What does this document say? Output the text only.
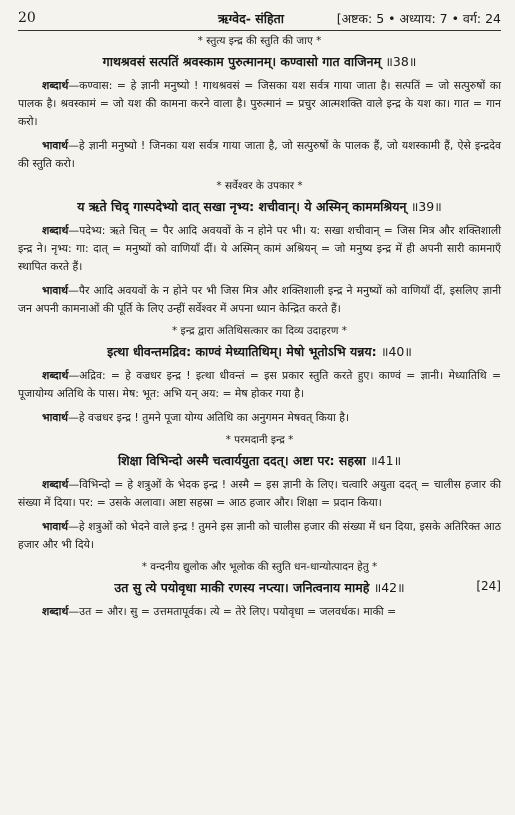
20	ऋग्वेद- संहिता	[अष्टक: 5 • अध्याय: 7 • वर्ग: 24
* स्तुत्य इन्द्र की स्तुति की जाए *
गाथश्रवसं सत्पतिं श्रवस्काम पुरुत्मानम्। कण्वासो गात वाजिनम् ॥38॥

शब्दार्थ—कण्वास: = हे ज्ञानी मनुष्यो ! गाथश्रवसं = जिसका यश सर्वत्र गाया जाता है। सत्पतिं = जो सत्पुरुषों का पालक है। श्रवस्कामं = जो यश की कामना करने वाला है। पुरुत्मानं = प्रचुर आत्मशक्ति वाले इन्द्र के यश का। गात = गान करो।

भावार्थ—हे ज्ञानी मनुष्यो ! जिनका यश सर्वत्र गाया जाता है, जो सत्पुरुषों के पालक हैं, जो यशस्कामी हैं, ऐसे इन्द्रदेव की स्तुति करो।

* सर्वेश्वर के उपकार *
य ऋते चिद् गास्पदेभ्यो दात् सखा नृभ्य: शचीवान्। ये अस्मिन् काममश्रियन् ॥39॥

शब्दार्थ—पदेभ्य: ऋते चित् = पैर आदि अवयवों के न होने पर भी। य: सखा शचीवान् = जिस मित्र और शक्तिशाली इन्द्र ने। नृभ्य: गा: दात् = मनुष्यों को वाणियाँ दीं। ये अस्मिन् कामं अश्रियन् = जो मनुष्य इन्द्र में ही अपनी सारी कामनाएँ स्थापित करते हैं।

भावार्थ—पैर आदि अवयवों के न होने पर भी जिस मित्र और शक्तिशाली इन्द्र ने मनुष्यों को वाणियाँ दीं, इसलिए ज्ञानी जन अपनी कामनाओं की पूर्ति के लिए उन्हीं सर्वेश्वर में अपना ध्यान केन्द्रित करते हैं।

* इन्द्र द्वारा अतिथिसत्कार का दिव्य उदाहरण *
इत्था धीवन्तमद्रिव: काण्वं मेध्यातिथिम्। मेषो भूतोऽभि यन्नय: ॥40॥

शब्दार्थ—अद्रिव: = हे वज्रधर इन्द्र ! इत्था धीवन्तं = इस प्रकार स्तुति करते हुए। काण्वं = ज्ञानी। मेध्यातिथि = पूजायोग्य अतिथि के पास। मेष: भूत: अभि यन् अय: = मेष होकर गया है।

भावार्थ—हे वज्रधर इन्द्र ! तुमने पूजा योग्य अतिथि का अनुगमन मेषवत् किया है।

* परमदानी इन्द्र *
शिक्षा विभिन्दो अस्मै चत्वार्ययुता ददत्। अष्टा पर: सहस्रा ॥41॥

शब्दार्थ—विभिन्दो = हे शत्रुओं के भेदक इन्द्र ! अस्मै = इस ज्ञानी के लिए। चत्वारि अयुता ददत् = चालीस हजार की संख्या में दिया। पर: = उसके अलावा। अष्टा सहस्रा = आठ हजार और। शिक्षा = प्रदान किया।

भावार्थ—हे शत्रुओं को भेदने वाले इन्द्र ! तुमने इस ज्ञानी को चालीस हजार की संख्या में धन दिया, इसके अतिरिक्त आठ हजार और भी दिये।

* वन्दनीय द्युलोक और भूलोक की स्तुति धन-धान्योत्पादन हेतु *
उत सु त्ये पयोवृधा माकी रणस्य नप्त्या। जनित्वनाय मामहे ॥42॥	[24]

शब्दार्थ—उत = और। सु = उत्तमतापूर्वक। त्ये = तेरे लिए। पयोवृधा = जलवर्धक। माकी =
